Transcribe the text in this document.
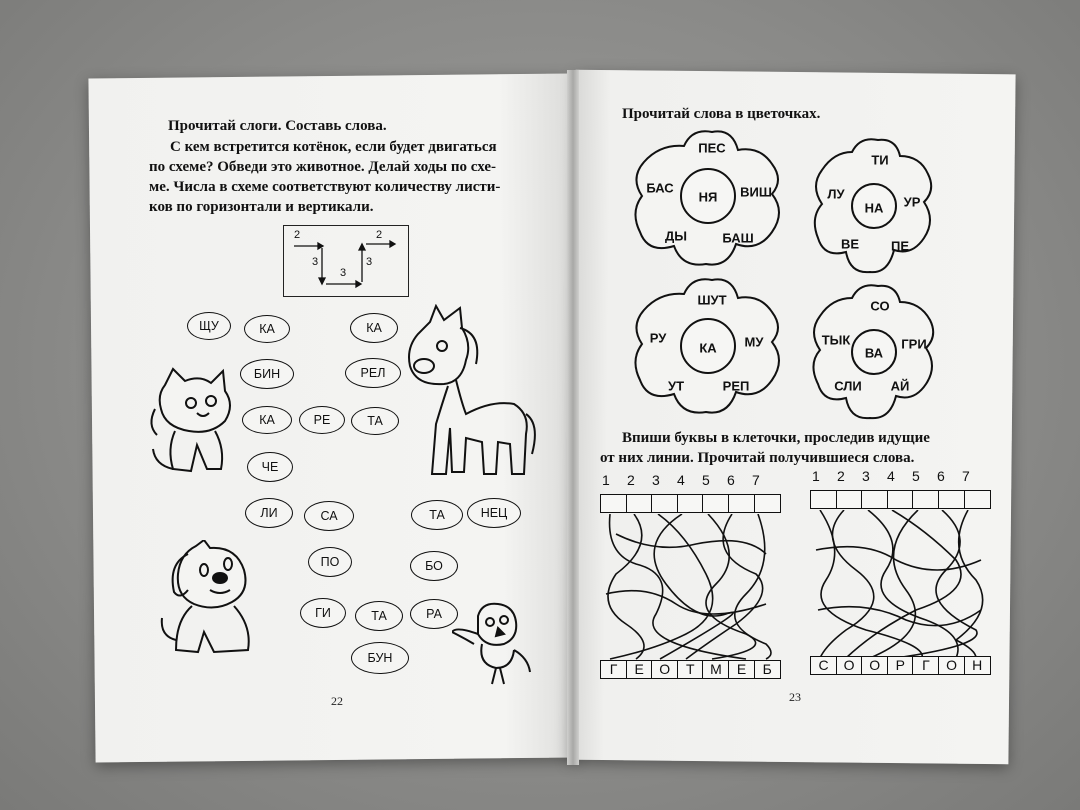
Прочитай слоги. Составь слова.
С кем встретится котёнок, если будет двигаться
по схеме? Обведи это животное. Делай ходы по схе-
ме. Числа в схеме соответствуют количеству листи-
ков по горизонтали и вертикали.
2
3
3
2
3
ЩУ	КА	КА
БИН	РЕЛ
КА	РЕ	ТА
ЧЕ
ЛИ	СА	ТА	НЕЦ
ПО	БО
ГИ	ТА	РА
БУН
22
Прочитай слова в цветочках.
НЯ
ПЕС
ВИШ
БАШ
ДЫ
БАС
НА
ТИ
УР
ПЕ
ВЕ
ЛУ
КА
ШУТ
МУ
РЕП
УТ
РУ
ВА
СО
ГРИ
АЙ
СЛИ
ТЫК
Впиши буквы в клеточки, проследив идущие
от них линии. Прочитай получившиеся слова.
1 2 3 4 5 6 7
Г	Е	О	Т	М	Е	Б
1 2 3 4 5 6 7
С	О	О	Р	Г	О	Н
23
